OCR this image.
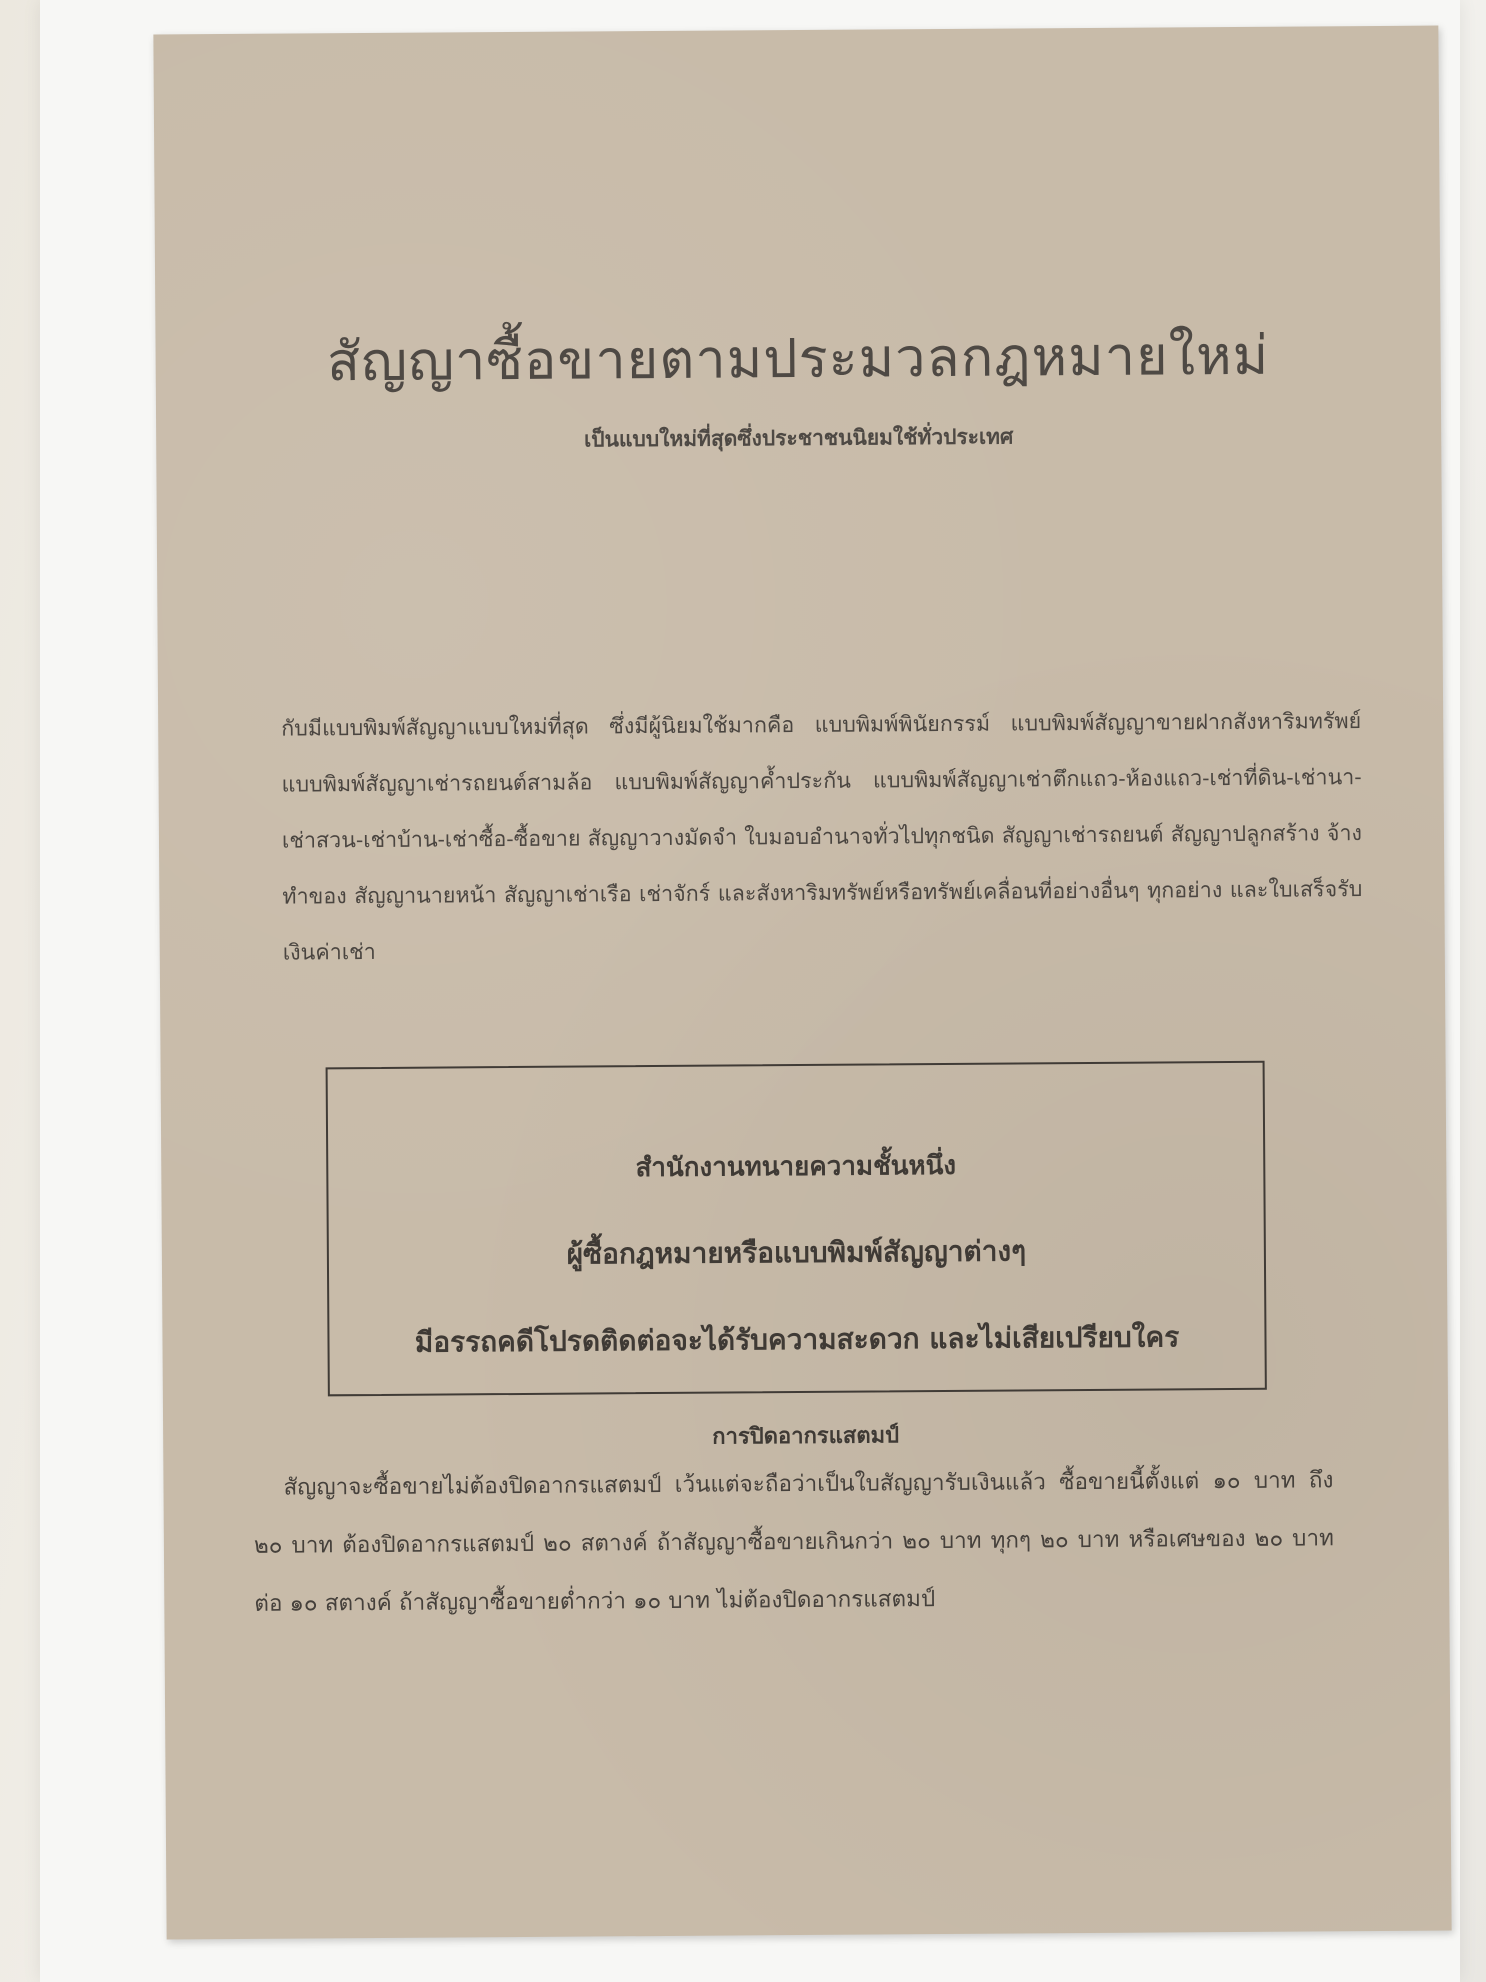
สัญญาซื้อขายตามประมวลกฎหมายใหม่
เป็นแบบใหม่ที่สุดซึ่งประชาชนนิยมใช้ทั่วประเทศ
กับมีแบบพิมพ์สัญญาแบบใหม่ที่สุด ซึ่งมีผู้นิยมใช้มากคือ แบบพิมพ์พินัยกรรม์ แบบพิมพ์สัญญาขายฝากสังหาริมทรัพย์ แบบพิมพ์สัญญาเช่ารถยนต์สามล้อ แบบพิมพ์สัญญาค้ำประกัน แบบพิมพ์สัญญาเช่าตึกแถว-ห้องแถว-เช่าที่ดิน-เช่านา-เช่าสวน-เช่าบ้าน-เช่าซื้อ-ซื้อขาย สัญญาวางมัดจำ ใบมอบอำนาจทั่วไปทุกชนิด สัญญาเช่ารถยนต์ สัญญาปลูกสร้าง จ้างทำของ สัญญานายหน้า สัญญาเช่าเรือ เช่าจักร์ และสังหาริมทรัพย์หรือทรัพย์เคลื่อนที่อย่างอื่นๆ ทุกอย่าง และใบเสร็จรับเงินค่าเช่า
สำนักงานทนายความชั้นหนึ่ง
ผู้ซื้อกฎหมายหรือแบบพิมพ์สัญญาต่างๆ
มีอรรถคดีโปรดติดต่อจะได้รับความสะดวก และไม่เสียเปรียบใคร
การปิดอากรแสตมป์
สัญญาจะซื้อขายไม่ต้องปิดอากรแสตมป์ เว้นแต่จะถือว่าเป็นใบสัญญารับเงินแล้ว ซื้อขายนี้ตั้งแต่ ๑๐ บาท ถึง ๒๐ บาท ต้องปิดอากรแสตมป์ ๒๐ สตางค์ ถ้าสัญญาซื้อขายเกินกว่า ๒๐ บาท ทุกๆ ๒๐ บาท หรือเศษของ ๒๐ บาท ต่อ ๑๐ สตางค์ ถ้าสัญญาซื้อขายต่ำกว่า ๑๐ บาท ไม่ต้องปิดอากรแสตมป์
